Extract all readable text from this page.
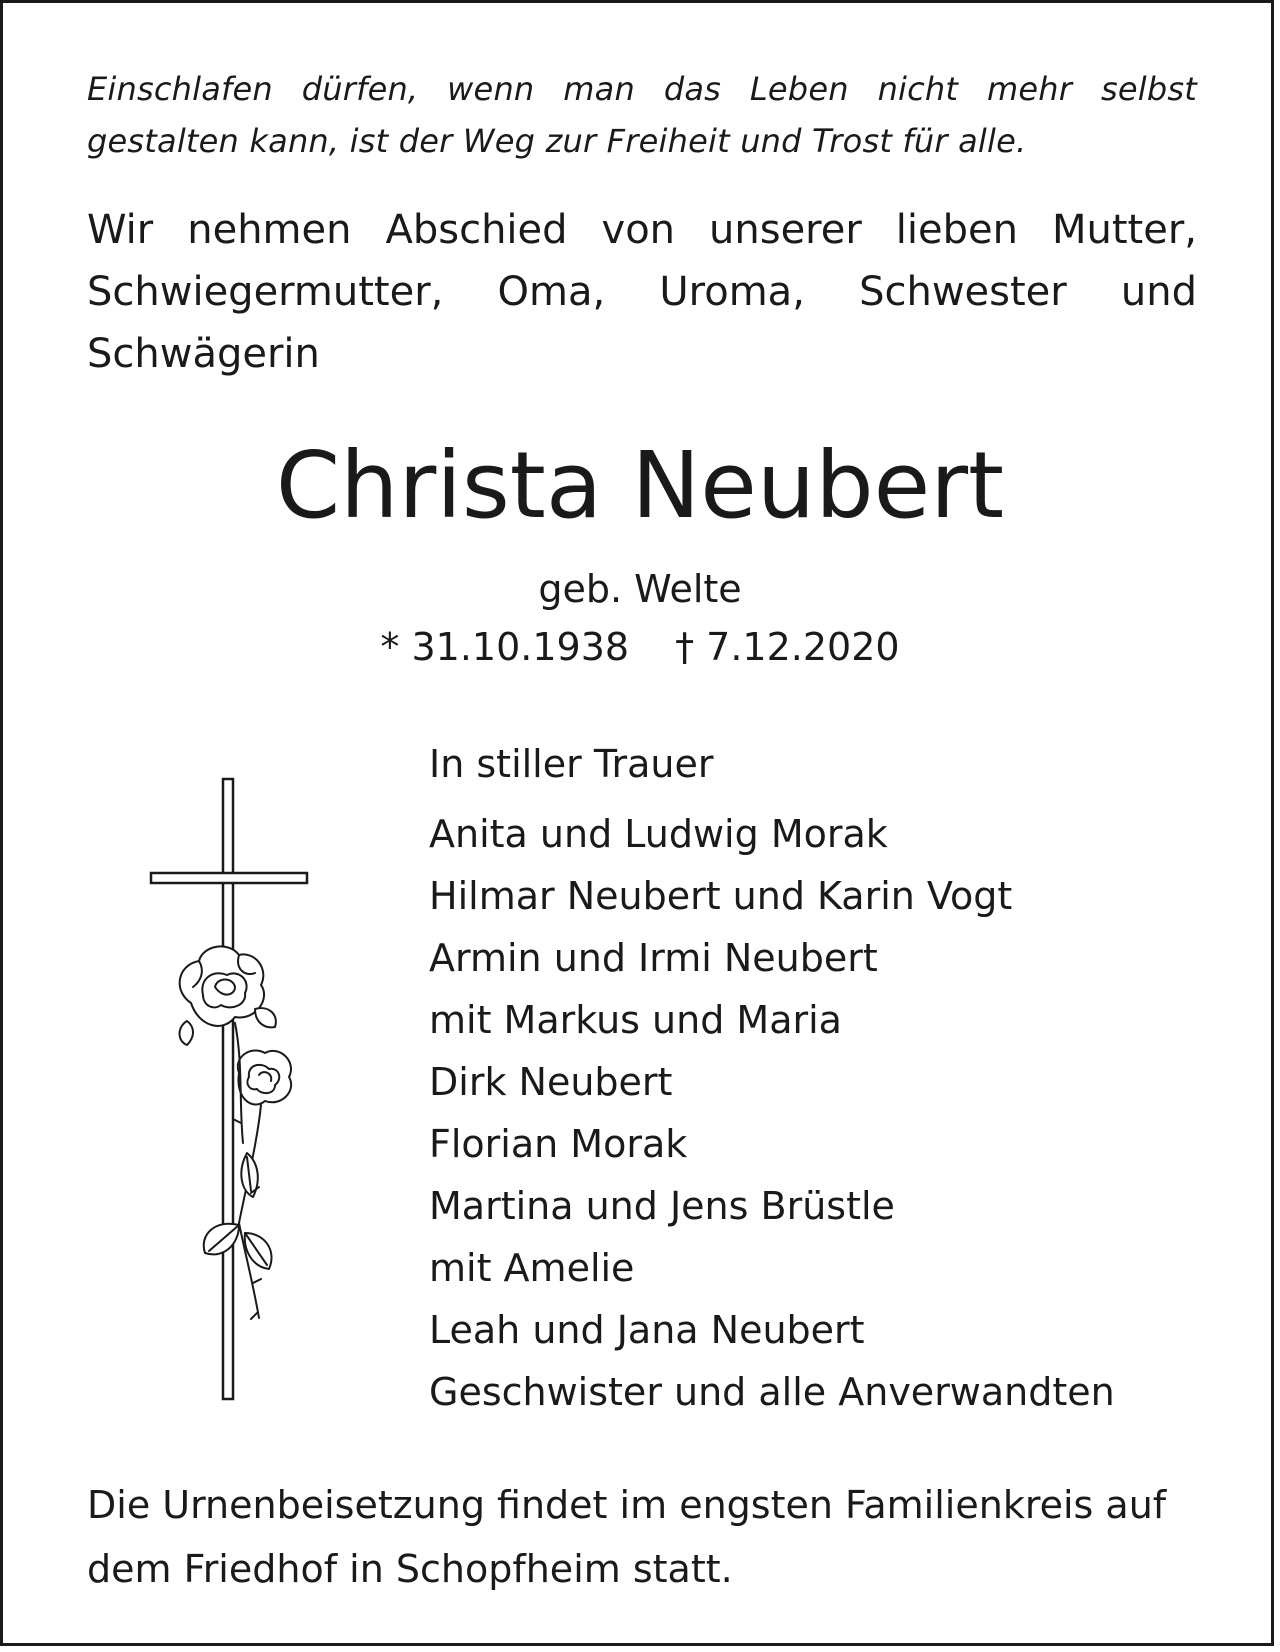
Einschlafen dürfen, wenn man das Leben nicht mehr selbst gestalten kann, ist der Weg zur Freiheit und Trost für alle.
Wir nehmen Abschied von unserer lieben Mutter, Schwiegermutter, Oma, Uroma, Schwester und Schwägerin
Christa Neubert
geb. Welte
* 31.10.1938 † 7.12.2020
In stiller Trauer
Anita und Ludwig Morak
Hilmar Neubert und Karin Vogt
Armin und Irmi Neubert
mit Markus und Maria
Dirk Neubert
Florian Morak
Martina und Jens Brüstle
mit Amelie
Leah und Jana Neubert
Geschwister und alle Anverwandten
Die Urnenbeisetzung findet im engsten Familienkreis auf dem Friedhof in Schopfheim statt.
